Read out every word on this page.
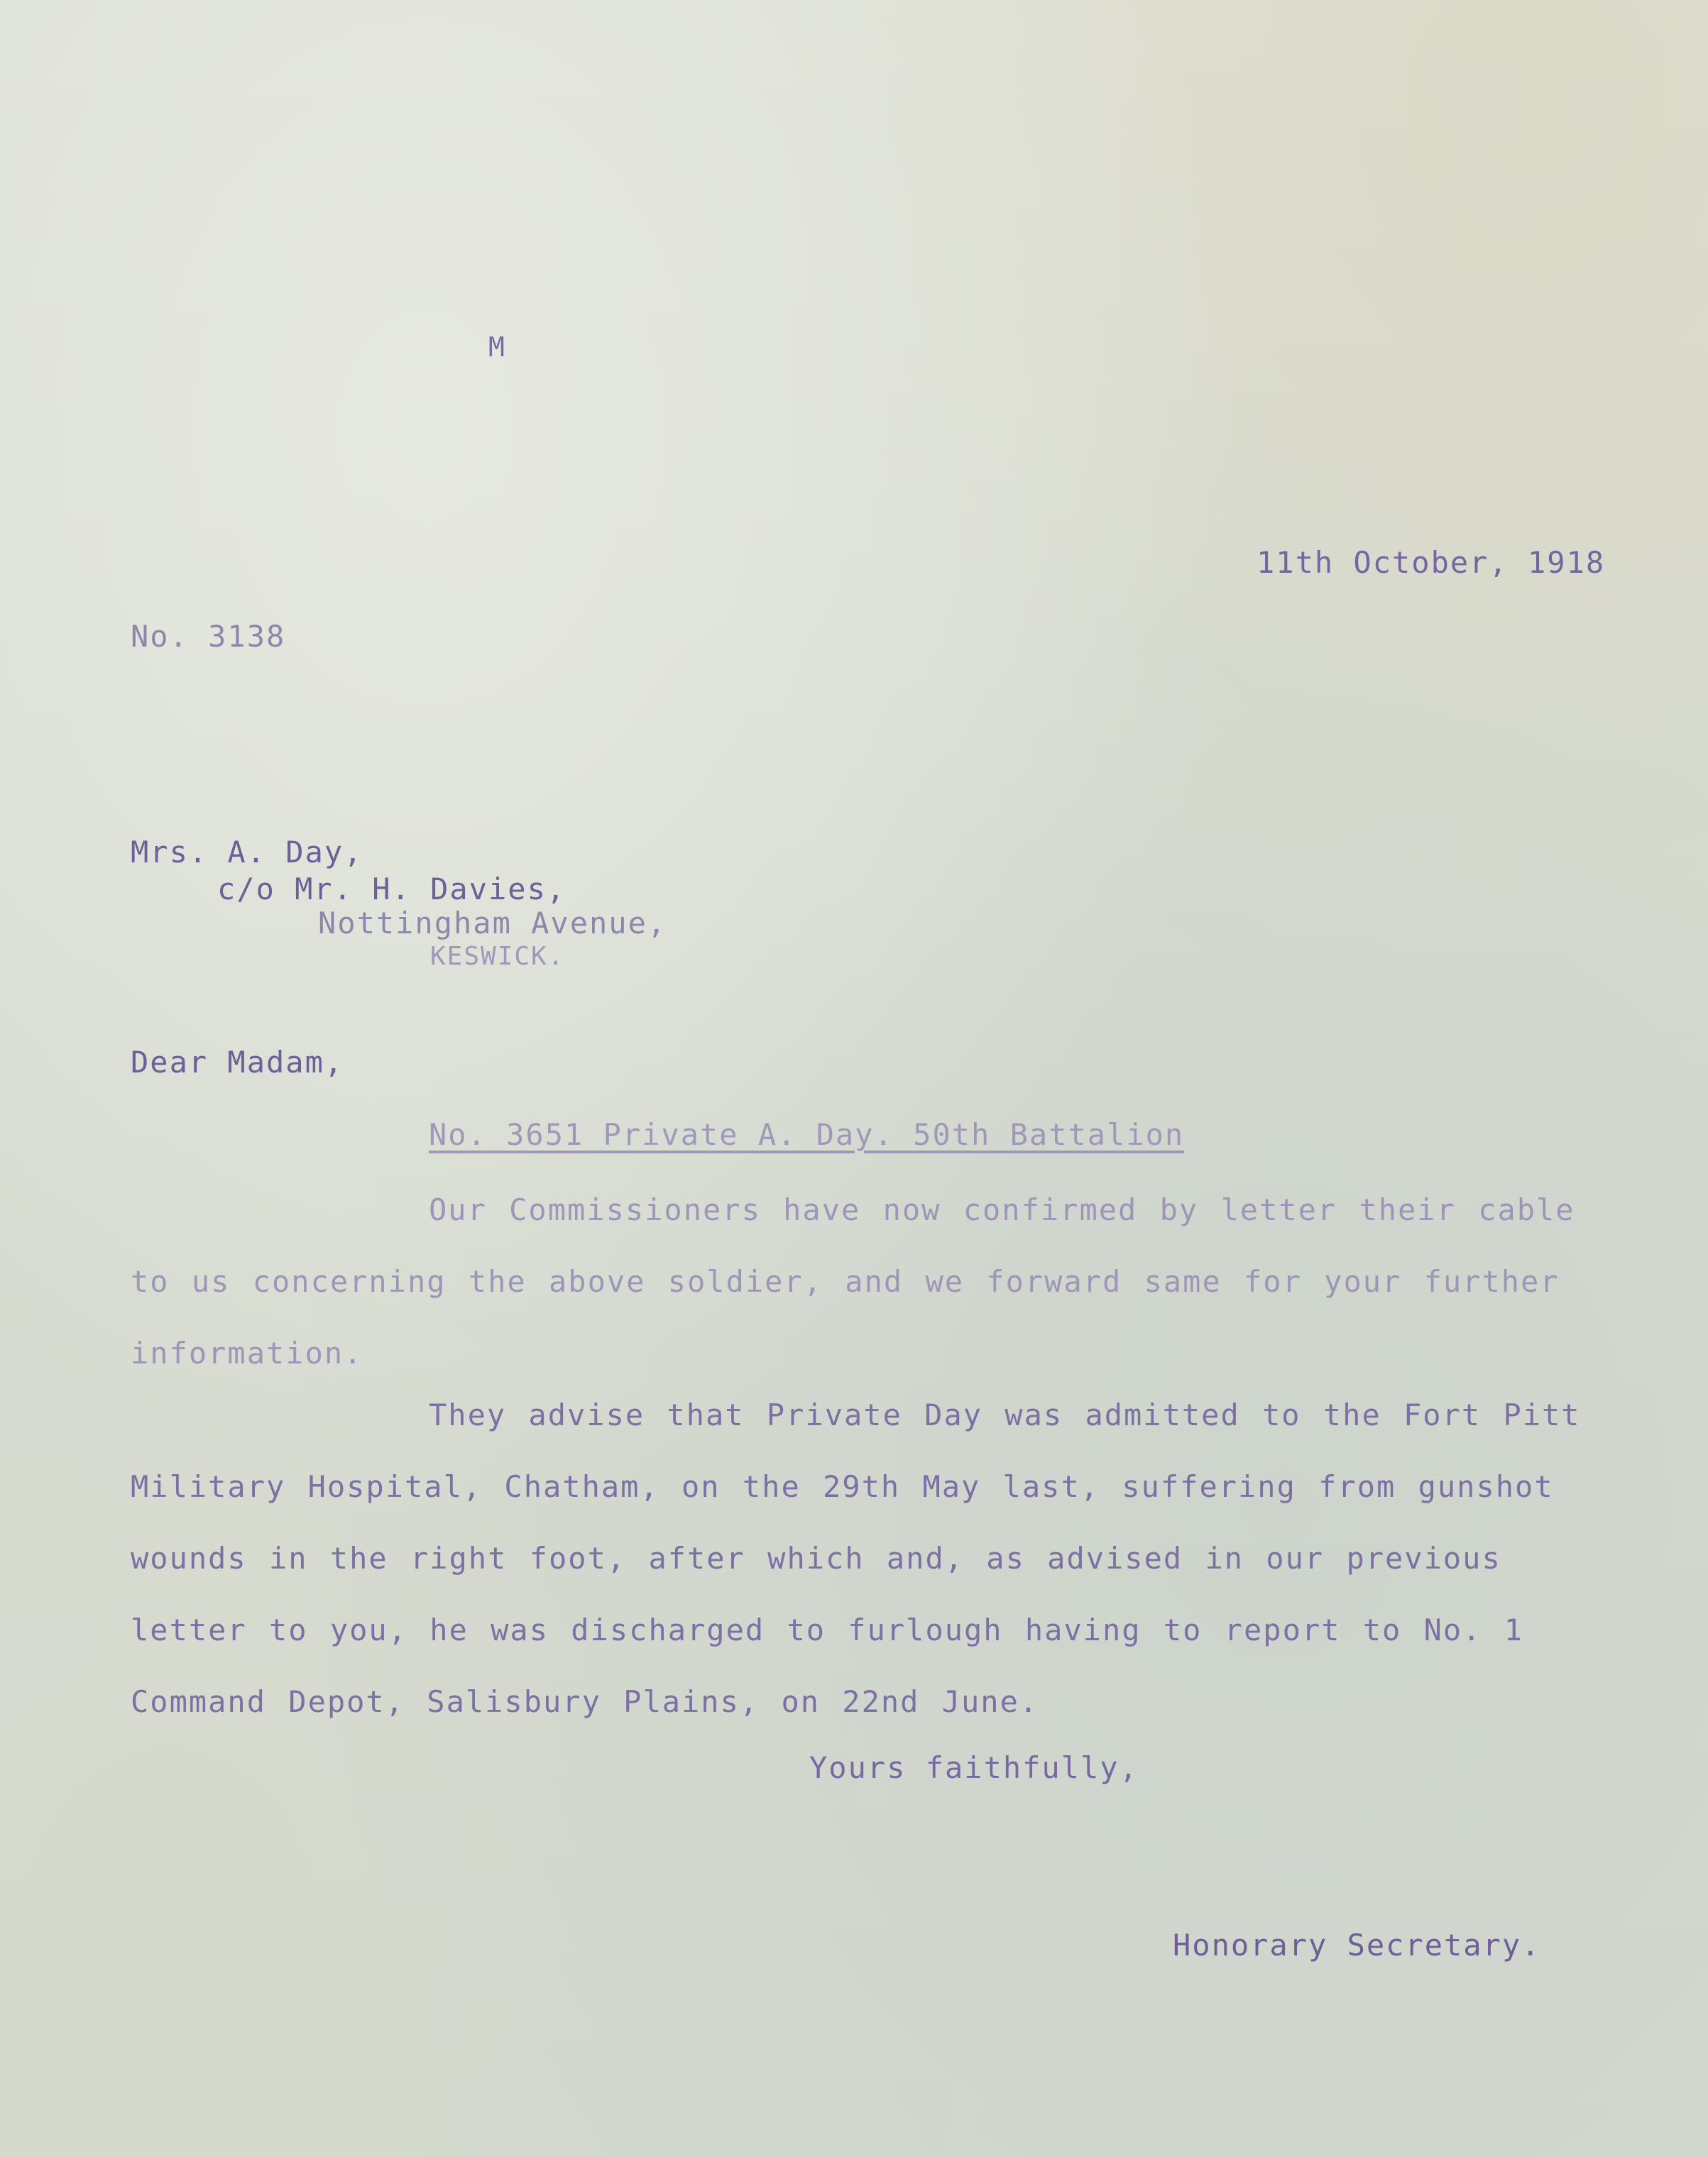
M
11th October, 1918
No. 3138
Mrs. A. Day,
c/o Mr. H. Davies,
Nottingham Avenue,
KESWICK.
Dear Madam,
No. 3651 Private A. Day. 50th Battalion

Our Commissioners have now confirmed by letter their cable to us concerning the above soldier, and we forward same for your further information.

They advise that Private Day was admitted to the Fort Pitt Military Hospital, Chatham, on the 29th May last, suffering from gunshot wounds in the right foot, after which and, as advised in our previous letter to you, he was discharged to furlough having to report to No. 1 Command Depot, Salisbury Plains, on 22nd June.

Yours faithfully,
Honorary Secretary.
